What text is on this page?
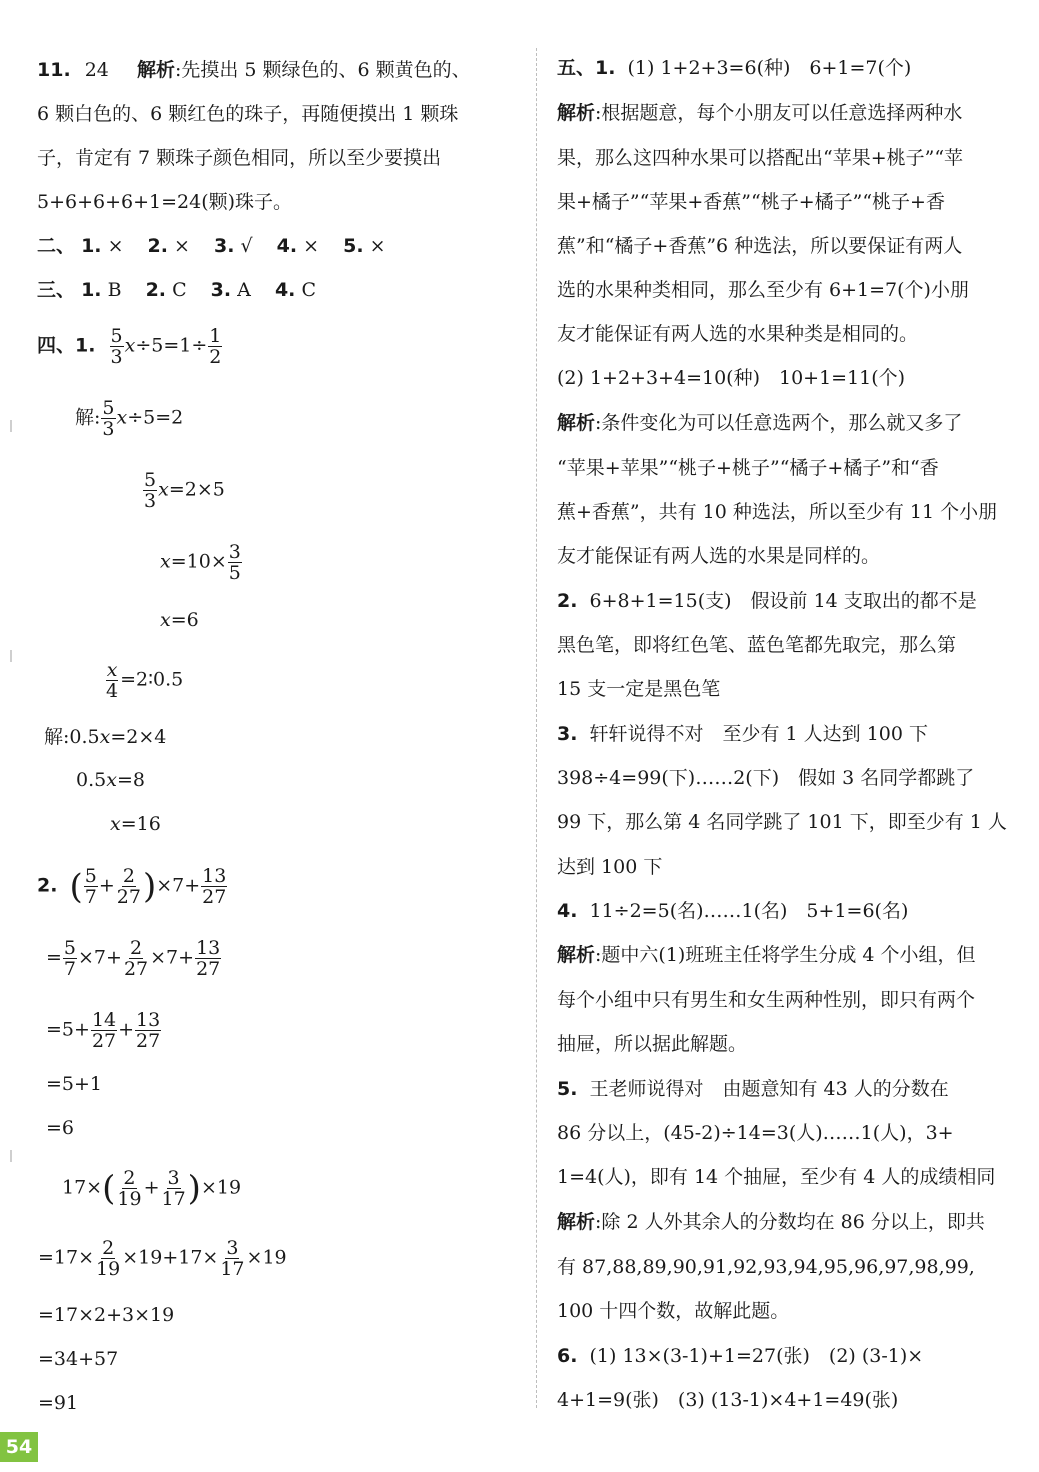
11. 24 解析:先摸出 5 颗绿色的、6 颗黄色的、
6 颗白色的、6 颗红色的珠子，再随便摸出 1 颗珠
子，肯定有 7 颗珠子颜色相同，所以至少要摸出
5+6+6+6+1=24(颗)珠子。
二、 1. × 2. × 3. √ 4. × 5. ×
三、 1. B 2. C 3. A 4. C
四、1. $\frac{5}{3} x\div 5=1\div \frac{1}{2}$
解: $\frac{5}{3} x\div 5=2$
$\frac{5}{3} x=2\times 5$
$x=10\times \frac{3}{5}$
x=6
$\frac{x}{4}$ =2∶0.5
解:0.5x=2×4
0.5x=8
x=16
2. ( $\frac{5}{7} + \frac{2}{27} )\times 7+ \frac{13}{27}$
= $\frac{5}{7} \times 7+ \frac{2}{27} \times 7+ \frac{13}{27}$
$=5+ \frac{14}{27} + \frac{13}{27}$
=5+1
=6
$17\times( \frac{2}{19} + \frac{3}{17} )\times 19$
$=17\times \frac{2}{19} \times 19+17\times \frac{3}{17} \times 19$
=17×2+3×19
=34+57
=91
五、1. (1) 1+2+3=6(种)　6+1=7(个)
解析:根据题意，每个小朋友可以任意选择两种水
果，那么这四种水果可以搭配出“苹果+桃子”“苹
果+橘子”“苹果+香蕉”“桃子+橘子”“桃子+香
蕉”和“橘子+香蕉”6 种选法，所以要保证有两人
选的水果种类相同，那么至少有 6+1=7(个)小朋
友才能保证有两人选的水果种类是相同的。
(2) 1+2+3+4=10(种)　10+1=11(个)
解析:条件变化为可以任意选两个，那么就又多了
“苹果+苹果”“桃子+桃子”“橘子+橘子”和“香
蕉+香蕉”，共有 10 种选法，所以至少有 11 个小朋
友才能保证有两人选的水果是同样的。
2. 6+8+1=15(支)　假设前 14 支取出的都不是
黑色笔，即将红色笔、蓝色笔都先取完，那么第
15 支一定是黑色笔
3. 轩轩说得不对　至少有 1 人达到 100 下
398÷4=99(下)……2(下)　假如 3 名同学都跳了
99 下，那么第 4 名同学跳了 101 下，即至少有 1 人
达到 100 下
4. 11÷2=5(名)……1(名)　5+1=6(名)
解析:题中六(1)班班主任将学生分成 4 个小组，但
每个小组中只有男生和女生两种性别，即只有两个
抽屉，所以据此解题。
5. 王老师说得对　由题意知有 43 人的分数在
86 分以上，(45-2)÷14=3(人)……1(人)，3+
1=4(人)，即有 14 个抽屉，至少有 4 人的成绩相同
解析:除 2 人外其余人的分数均在 86 分以上，即共
有 87,88,89,90,91,92,93,94,95,96,97,98,99,
100 十四个数，故解此题。
6. (1) 13×(3-1)+1=27(张)　(2) (3-1)×
4+1=9(张)　(3) (13-1)×4+1=49(张)
54
